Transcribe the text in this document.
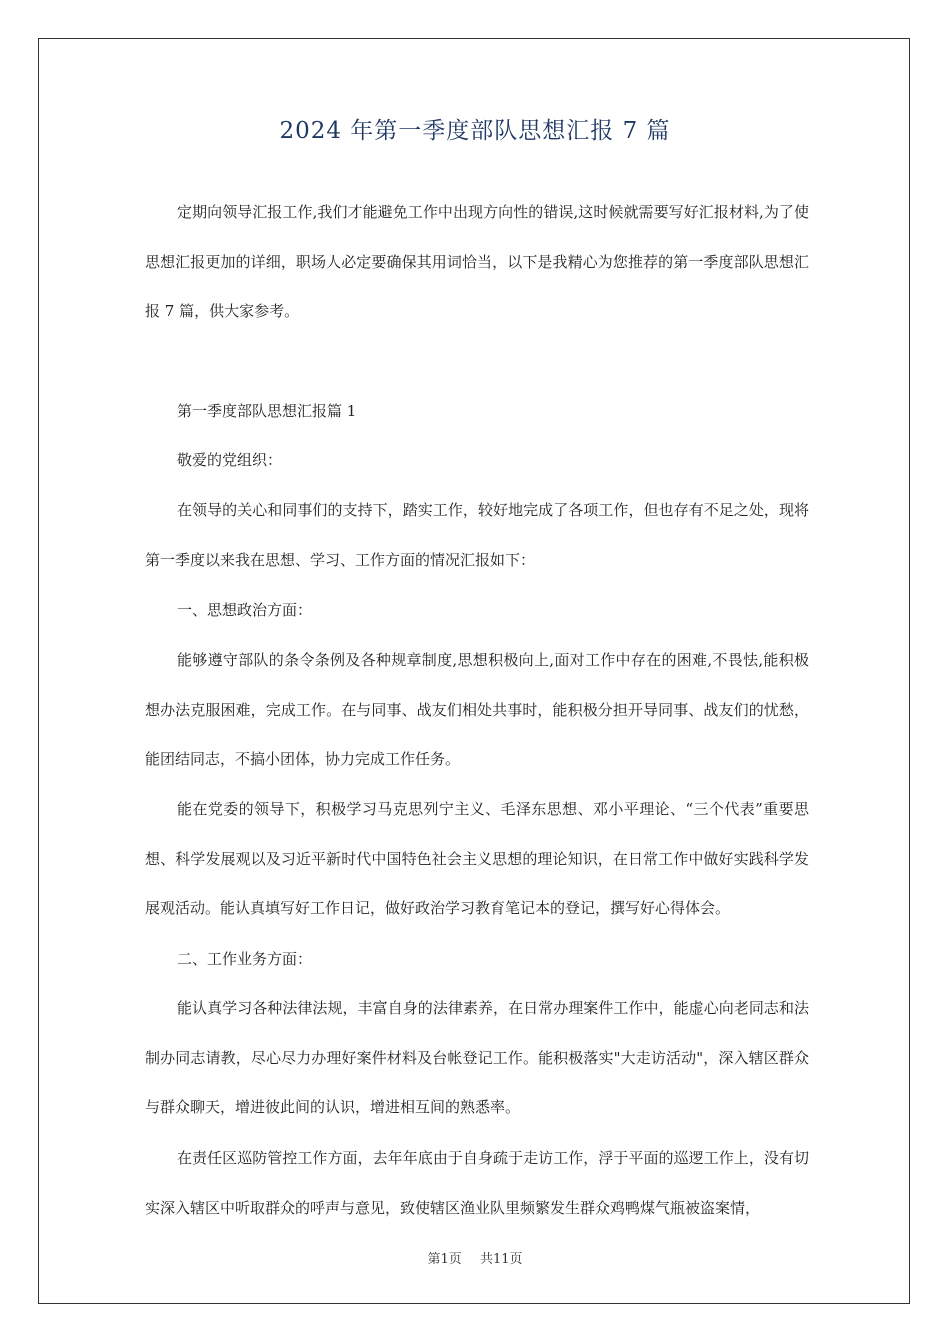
2024 年第一季度部队思想汇报 7 篇

定期向领导汇报工作,我们才能避免工作中出现方向性的错误,这时候就需要写好汇报材料,为了使思想汇报更加的详细，职场人必定要确保其用词恰当，以下是我精心为您推荐的第一季度部队思想汇报 7 篇，供大家参考。

第一季度部队思想汇报篇 1

敬爱的党组织：

在领导的关心和同事们的支持下，踏实工作，较好地完成了各项工作，但也存有不足之处，现将第一季度以来我在思想、学习、工作方面的情况汇报如下：

一、思想政治方面：

能够遵守部队的条令条例及各种规章制度,思想积极向上,面对工作中存在的困难,不畏怯,能积极想办法克服困难，完成工作。在与同事、战友们相处共事时，能积极分担开导同事、战友们的忧愁，能团结同志，不搞小团体，协力完成工作任务。

能在党委的领导下，积极学习马克思列宁主义、毛泽东思想、邓小平理论、“三个代表”重要思想、科学发展观以及习近平新时代中国特色社会主义思想的理论知识，在日常工作中做好实践科学发展观活动。能认真填写好工作日记，做好政治学习教育笔记本的登记，撰写好心得体会。

二、工作业务方面：

能认真学习各种法律法规，丰富自身的法律素养，在日常办理案件工作中，能虚心向老同志和法制办同志请教，尽心尽力办理好案件材料及台帐登记工作。能积极落实"大走访活动"，深入辖区群众与群众聊天，增进彼此间的认识，增进相互间的熟悉率。

在责任区巡防管控工作方面，去年年底由于自身疏于走访工作，浮于平面的巡逻工作上，没有切实深入辖区中听取群众的呼声与意见，致使辖区渔业队里频繁发生群众鸡鸭煤气瓶被盗案情，

第1页 共11页
